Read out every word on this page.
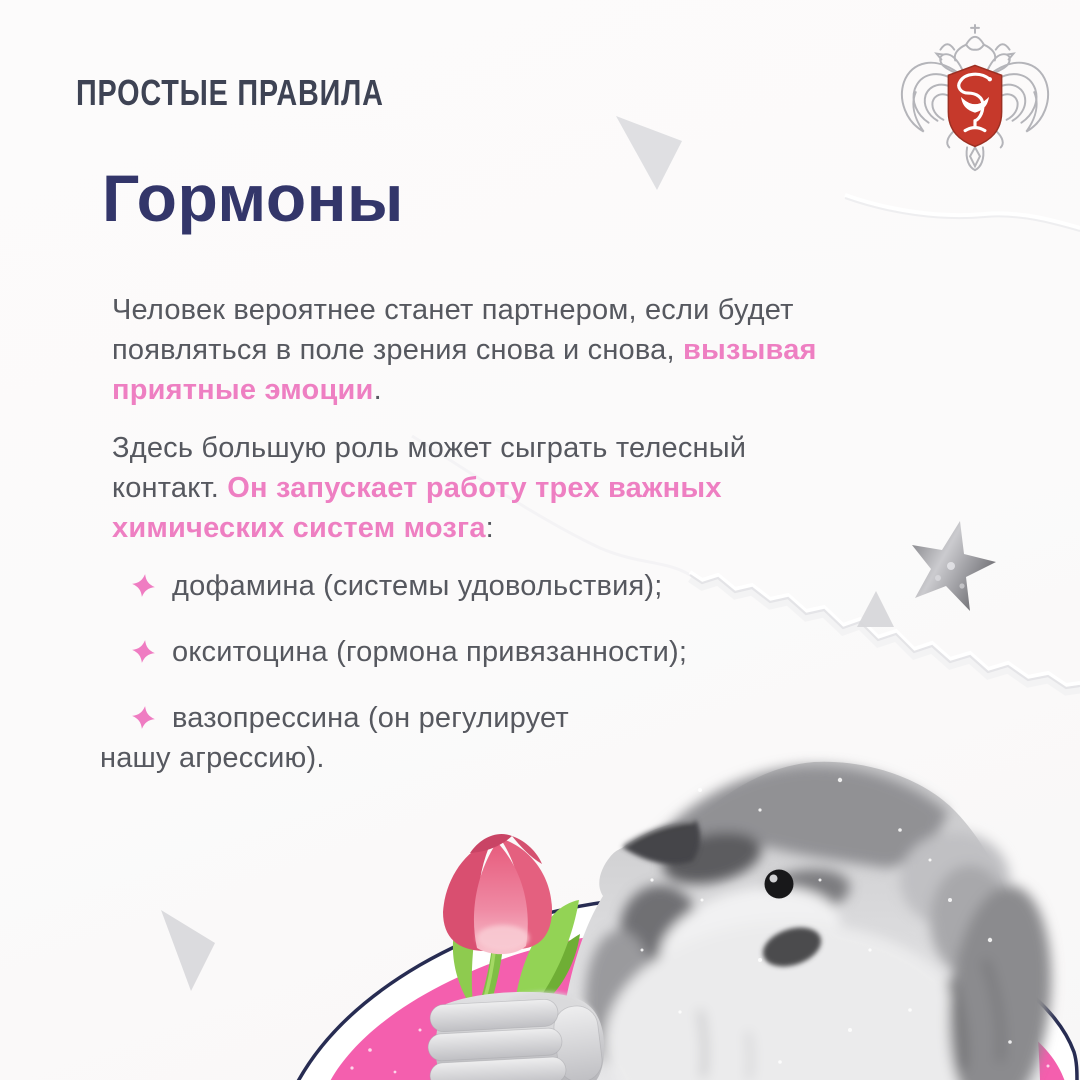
ПРОСТЫЕ ПРАВИЛА
Гормоны

Человек вероятнее станет партнером, если будет появляться в поле зрения снова и снова, вызывая приятные эмоции.

Здесь большую роль может сыграть телесный контакт. Он запускает работу трех важных химических систем мозга:

дофамина (системы удовольствия);
окситоцина (гормона привязанности);
вазопрессина (он регулирует
нашу агрессию).
